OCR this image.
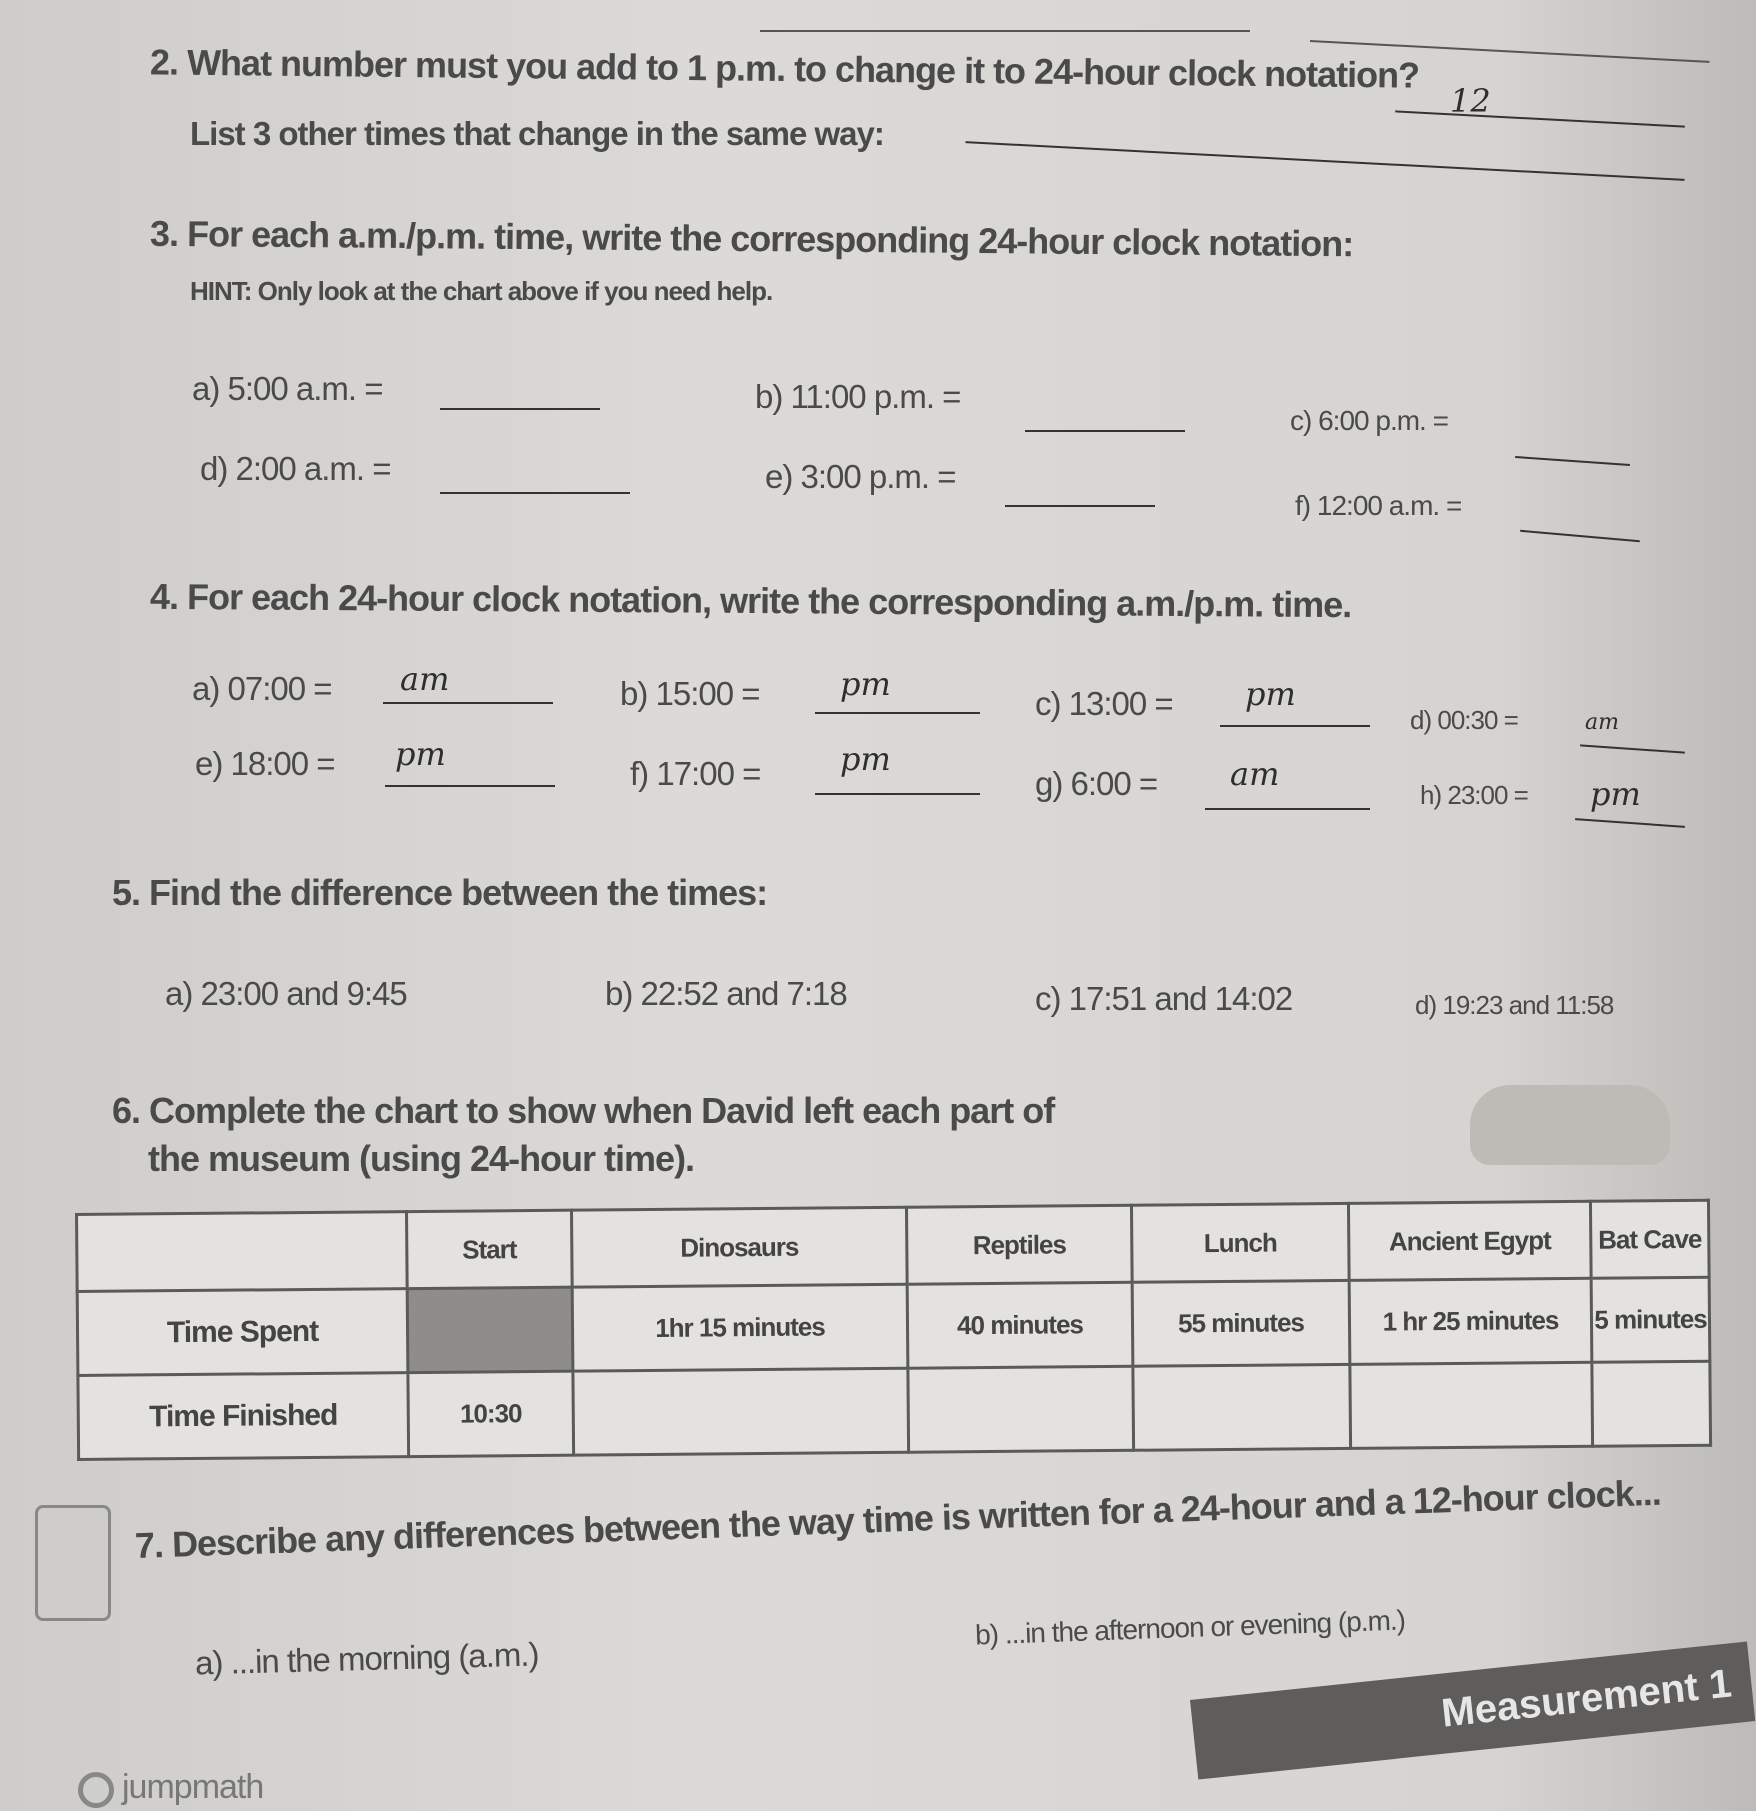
2. What number must you add to 1 p.m. to change it to 24-hour clock notation?
12
List 3 other times that change in the same way:
3. For each a.m./p.m. time, write the corresponding 24-hour clock notation:
HINT: Only look at the chart above if you need help.
a) 5:00 a.m. =	b) 11:00 p.m. =
c) 6:00 p.m. =
d) 2:00 a.m. =	e) 3:00 p.m. =
f) 12:00 a.m. =
4. For each 24-hour clock notation, write the corresponding a.m./p.m. time.
a) 07:00 = am	b) 15:00 =	pm
c) 13:00 = pm
d) 00:30 =	am
e) 18:00 = pm
f) 17:00 = pm
g) 6:00 = am
h) 23:00 = pm
5. Find the difference between the times:
a) 23:00 and 9:45	b) 22:52 and 7:18	c) 17:51 and 14:02	d) 19:23 and 11:58
6. Complete the chart to show when David left each part of
the museum (using 24-hour time).
	Start	Dinosaurs	Reptiles	Lunch	Ancient Egypt	Bat Cave
Time Spent		1hr 15 minutes	40 minutes	55 minutes	1 hr 25 minutes	5 minutes
Time Finished	10:30					
7. Describe any differences between the way time is written for a 24-hour and a 12-hour clock...
a) ...in the morning (a.m.)
b) ...in the afternoon or evening (p.m.)
Measurement 1
jumpmath
